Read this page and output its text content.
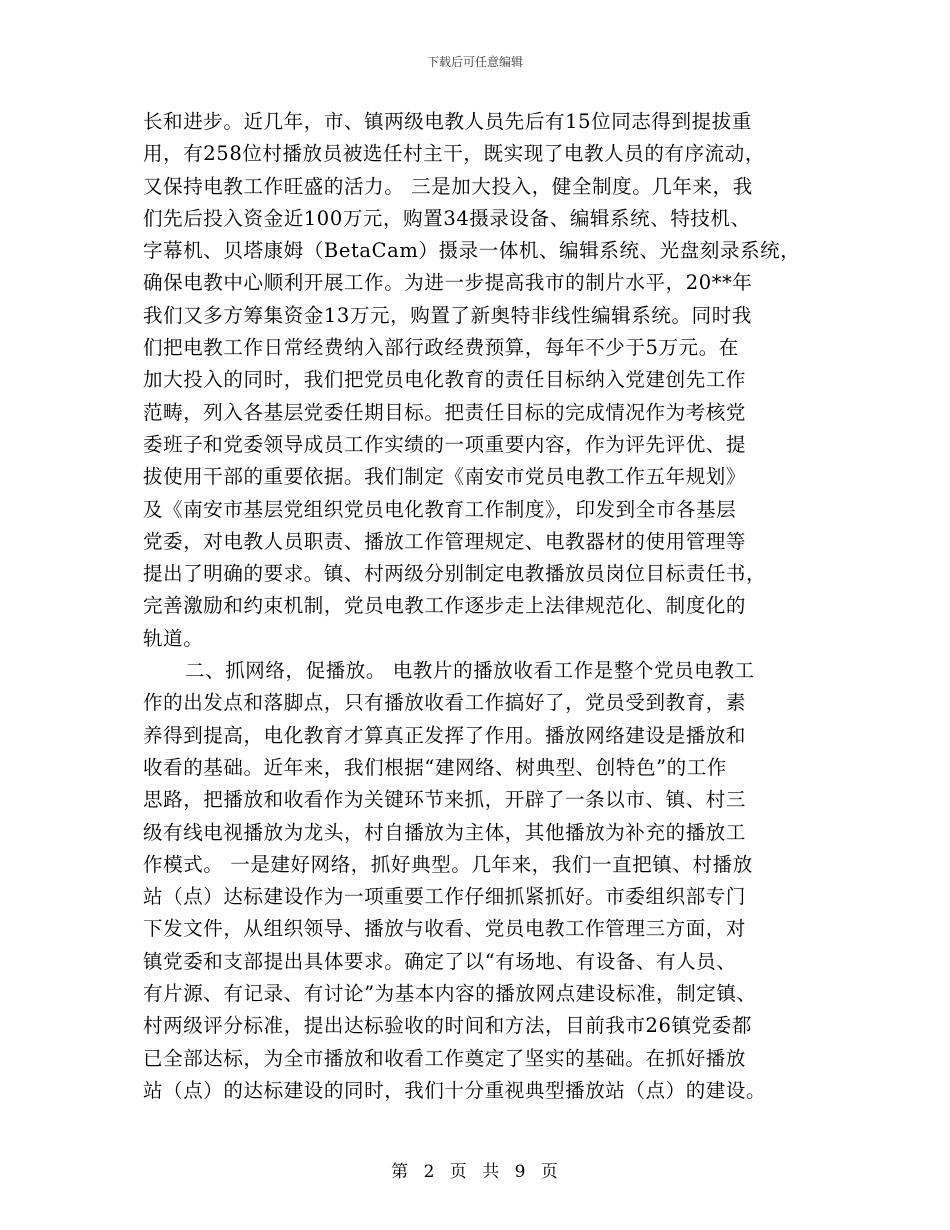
下载后可任意编辑
长和进步。近几年，市、镇两级电教人员先后有15位同志得到提拔重
用，有258位村播放员被选任村主干，既实现了电教人员的有序流动，
又保持电教工作旺盛的活力。 三是加大投入，健全制度。几年来，我
们先后投入资金近100万元，购置34摄录设备、编辑系统、特技机、
字幕机、贝塔康姆（BetaCam）摄录一体机、编辑系统、光盘刻录系统，
确保电教中心顺利开展工作。为进一步提高我市的制片水平，20**年
我们又多方筹集资金13万元，购置了新奥特非线性编辑系统。同时我
们把电教工作日常经费纳入部行政经费预算，每年不少于5万元。在
加大投入的同时，我们把党员电化教育的责任目标纳入党建创先工作
范畴，列入各基层党委任期目标。把责任目标的完成情况作为考核党
委班子和党委领导成员工作实绩的一项重要内容，作为评先评优、提
拔使用干部的重要依据。我们制定《南安市党员电教工作五年规划》
及《南安市基层党组织党员电化教育工作制度》，印发到全市各基层
党委，对电教人员职责、播放工作管理规定、电教器材的使用管理等
提出了明确的要求。镇、村两级分别制定电教播放员岗位目标责任书，
完善激励和约束机制，党员电教工作逐步走上法律规范化、制度化的
轨道。
二、抓网络，促播放。 电教片的播放收看工作是整个党员电教工
作的出发点和落脚点，只有播放收看工作搞好了，党员受到教育，素
养得到提高，电化教育才算真正发挥了作用。播放网络建设是播放和
收看的基础。近年来，我们根据“建网络、树典型、创特色”的工作
思路，把播放和收看作为关键环节来抓，开辟了一条以市、镇、村三
级有线电视播放为龙头，村自播放为主体，其他播放为补充的播放工
作模式。 一是建好网络，抓好典型。几年来，我们一直把镇、村播放
站（点）达标建设作为一项重要工作仔细抓紧抓好。市委组织部专门
下发文件，从组织领导、播放与收看、党员电教工作管理三方面，对
镇党委和支部提出具体要求。确定了以“有场地、有设备、有人员、
有片源、有记录、有讨论”为基本内容的播放网点建设标准，制定镇、
村两级评分标准，提出达标验收的时间和方法，目前我市26镇党委都
已全部达标，为全市播放和收看工作奠定了坚实的基础。在抓好播放
站（点）的达标建设的同时，我们十分重视典型播放站（点）的建设。
第 2 页 共 9 页
